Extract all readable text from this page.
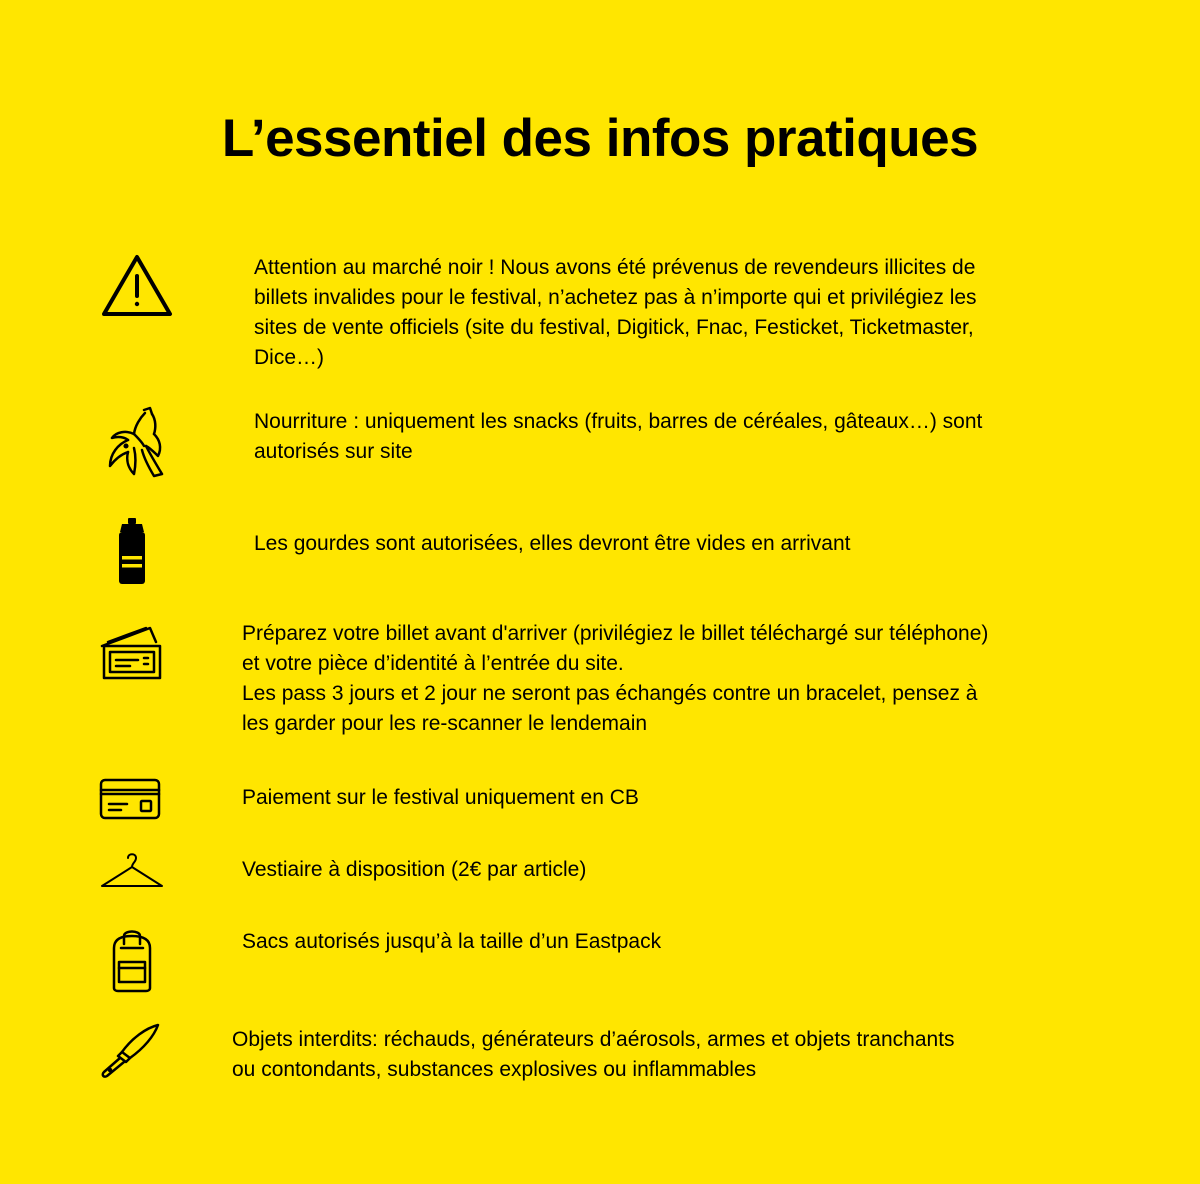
L’essentiel des infos pratiques

Attention au marché noir ! Nous avons été prévenus de revendeurs illicites de
billets invalides pour le festival, n’achetez pas à n’importe qui et privilégiez les
sites de vente officiels (site du festival, Digitick, Fnac, Festicket, Ticketmaster,
Dice…)

Nourriture : uniquement les snacks (fruits, barres de céréales, gâteaux…) sont
autorisés sur site

Les gourdes sont autorisées, elles devront être vides en arrivant

Préparez votre billet avant d'arriver (privilégiez le billet téléchargé sur téléphone)
et votre pièce d’identité à l’entrée du site.
Les pass 3 jours et 2 jour ne seront pas échangés contre un bracelet, pensez à
les garder pour les re-scanner le lendemain

Paiement sur le festival uniquement en CB

Vestiaire à disposition (2€ par article)

Sacs autorisés jusqu’à la taille d’un Eastpack

Objets interdits: réchauds, générateurs d’aérosols, armes et objets tranchants
ou contondants, substances explosives ou inflammables
